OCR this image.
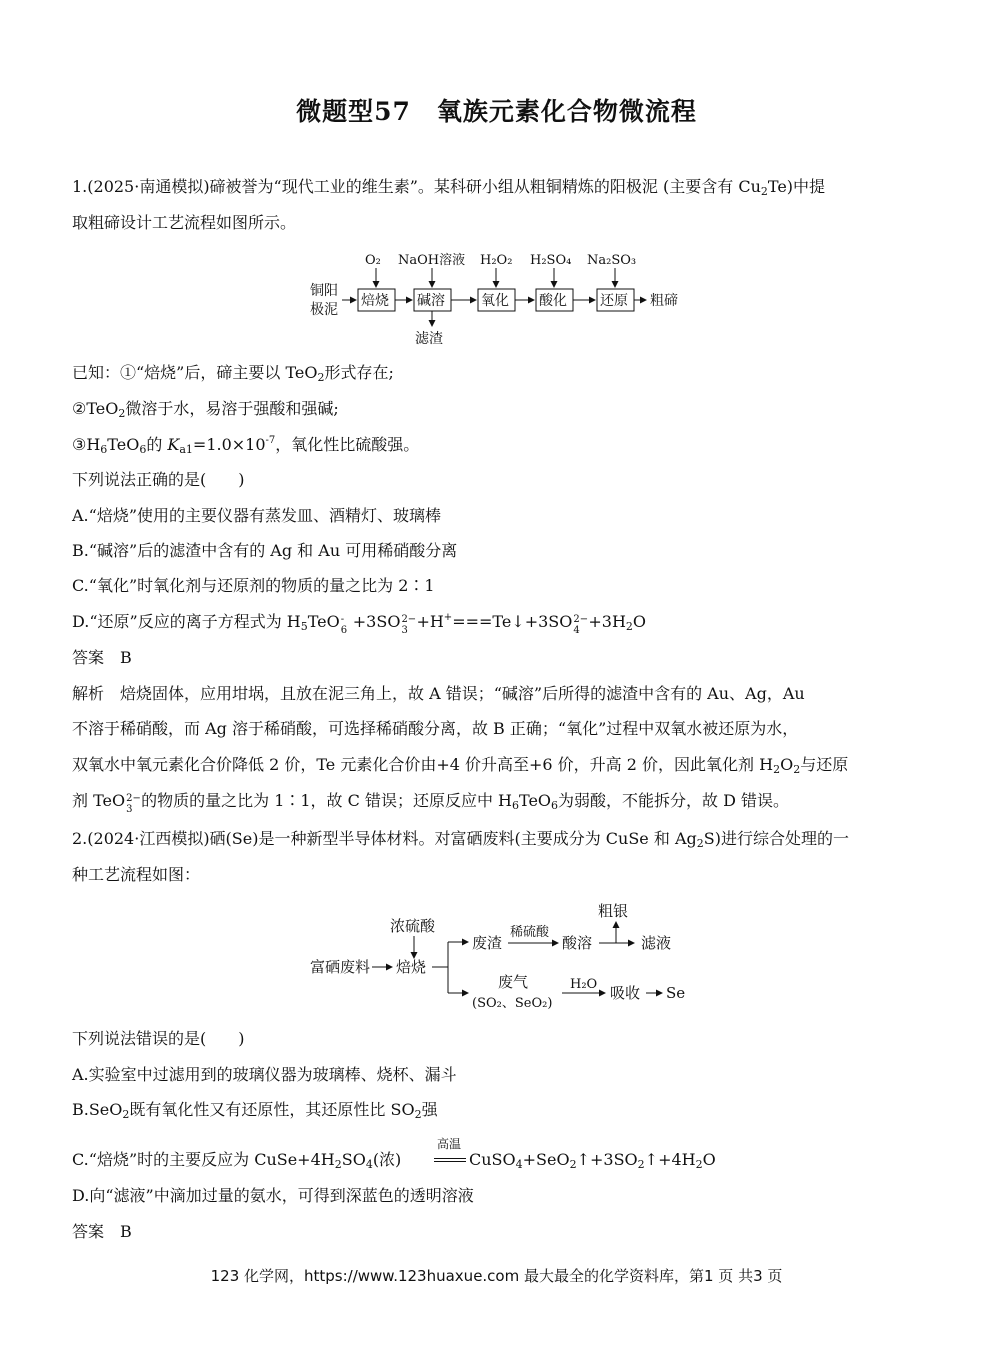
微题型57　氧族元素化合物微流程
1.(2025·南通模拟)碲被誉为“现代工业的维生素”。某科研小组从粗铜精炼的阳极泥 (主要含有 $Cu_2Te$)中提
取粗碲设计工艺流程如图所示。
铜阳
极泥
焙烧 碱溶	氧化 酸化 还原 粗碲
O₂ NaOH溶液 H₂O₂ H₂SO₄ Na₂SO₃
滤渣
已知：①“焙烧”后，碲主要以 TeO$_2$形式存在;
②TeO$_2$微溶于水，易溶于强酸和强碱;
$③H_6TeO_6$的 $K_{a1}=1.0\times 10^{-7}$，氧化性比硫酸强。
下列说法正确的是(　　)
A.“焙烧”使用的主要仪器有蒸发皿、酒精灯、玻璃棒
B.“碱溶”后的滤渣中含有的 Ag 和 Au 可用稀硝酸分离
C.“氧化”时氧化剂与还原剂的物质的量之比为 2∶1
D.“还原”反应的离子方程式为 $H_5TeO$ -
6 +3SO 2−
3 +H+===Te↓+3SO 2−
$4 +3H_2O$
答案　B
解析　焙烧固体，应用坩埚，且放在泥三角上，故 A 错误；“碱溶”后所得的滤渣中含有的 Au、Ag，Au
不溶于稀硝酸，而 Ag 溶于稀硝酸，可选择稀硝酸分离，故 B 正确；“氧化”过程中双氧水被还原为水，
双氧水中氧元素化合价降低 2 价，Te 元素化合价由+4 价升高至+6 价，升高 2 价，因此氧化剂 $H_2O_2$与还原
剂 TeO 2−
3 的物质的量之比为 1∶1，故 C 错误；还原反应中 $H_6TeO_6$为弱酸，不能拆分，故 D 错误。
2.(2024·江西模拟)硒(Se)是一种新型半导体材料。对富硒废料(主要成分为 CuSe 和 $Ag_2S$)进行综合处理的一
种工艺流程如图：
浓硫酸
富硒废料 焙烧
废渣
稀硫酸
酸溶
粗银
滤液
废气
(SO₂、SeO₂)
H₂O 吸收 Se
下列说法错误的是(　　)
A.实验室中过滤用到的玻璃仪器为玻璃棒、烧杯、漏斗
B.SeO$_2$既有氧化性又有还原性，其还原性比 $SO_2$强
高温
C.“焙烧”时的主要反应为 $CuSe+4H_2SO_4$(浓)	$CuSO_4+SeO_2↑+3SO_2↑+4H_2O$
D.向“滤液”中滴加过量的氨水，可得到深蓝色的透明溶液
答案　B
123 化学网，https://www.123huaxue.com 最大最全的化学资料库，第1 页 共3 页
